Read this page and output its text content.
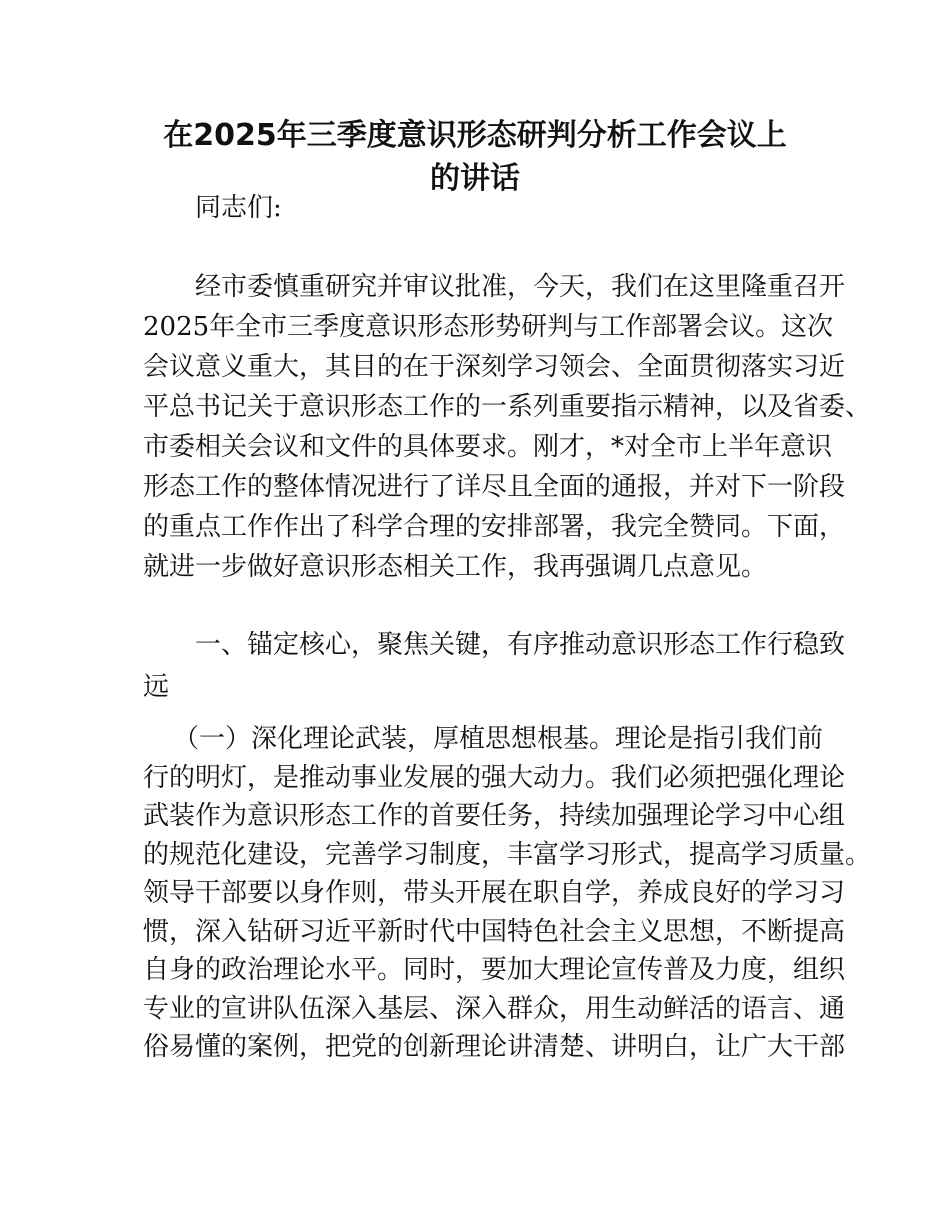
在2025年三季度意识形态研判分析工作会议上
的讲话
同志们:
经市委慎重研究并审议批准，今天，我们在这里隆重召开
2025年全市三季度意识形态形势研判与工作部署会议。这次
会议意义重大，其目的在于深刻学习领会、全面贯彻落实习近
平总书记关于意识形态工作的一系列重要指示精神，以及省委、
市委相关会议和文件的具体要求。刚才，*对全市上半年意识
形态工作的整体情况进行了详尽且全面的通报，并对下一阶段
的重点工作作出了科学合理的安排部署，我完全赞同。下面，
就进一步做好意识形态相关工作，我再强调几点意见。
一、锚定核心，聚焦关键，有序推动意识形态工作行稳致
远
（一）深化理论武装，厚植思想根基。理论是指引我们前
行的明灯，是推动事业发展的强大动力。我们必须把强化理论
武装作为意识形态工作的首要任务，持续加强理论学习中心组
的规范化建设，完善学习制度，丰富学习形式，提高学习质量。
领导干部要以身作则，带头开展在职自学，养成良好的学习习
惯，深入钻研习近平新时代中国特色社会主义思想，不断提高
自身的政治理论水平。同时，要加大理论宣传普及力度，组织
专业的宣讲队伍深入基层、深入群众，用生动鲜活的语言、通
俗易懂的案例，把党的创新理论讲清楚、讲明白，让广大干部
